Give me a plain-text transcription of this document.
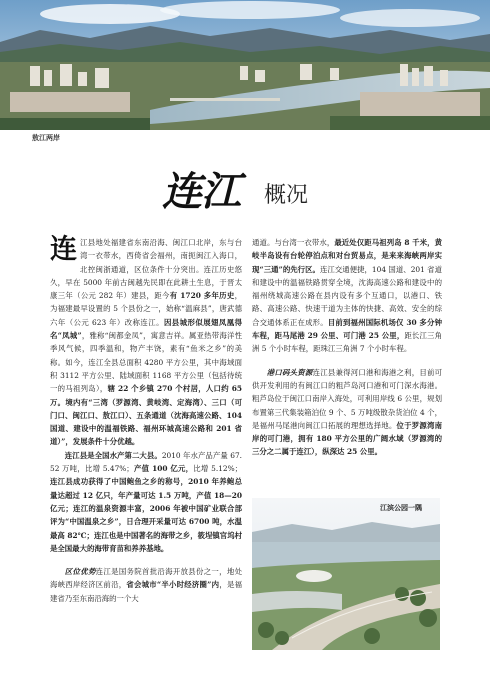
敖江两岸
连江 概况

连江县地处福建省东南沿海、闽江口北岸，东与台湾一衣带水，西倚省会福州，南扼闽江入海口，北控闽浙通道，区位条件十分突出。连江历史悠久，早在 5000 年前古闽越先民即在此耕土生息，于晋太康三年（公元 282 年）建县，距今有 1720 多年历史，为福建最早设置的 5 个县份之一，始称“温麻县”，唐武德六年（公元 623 年）改称连江。因县城形似展翅凤凰得名“凤城”，雅称“闽都金凤”，寓意吉祥。属亚热带海洋性季风气候，四季温和，物产丰饶，素有“鱼米之乡”的美称。如今，连江全县总面积 4280 平方公里，其中海域面积 3112 平方公里、陆域面积 1168 平方公里（包括待统一的马祖列岛），辖 22 个乡镇 270 个村居，人口约 65 万。境内有“三湾（罗源湾、黄岐湾、定海湾）、三口（可门口、闽江口、敖江口）、五条通道（沈海高速公路、104 国道、建设中的温福铁路、福州环城高速公路和 201 省道）”，发展条件十分优越。

连江县是全国水产第二大县。2010 年水产品产量 67.52 万吨，比增 5.47%；产值 100 亿元，比增 5.12%；连江县成功获得了中国鲍鱼之乡的称号，2010 年养鲍总量达超过 12 亿只，年产量可达 1.5 万吨，产值 18—20 亿元；连江的温泉资源丰富，2006 年被中国矿业联合部评为“中国温泉之乡”，日合理开采量可达 6700 吨，水温最高 82℃；连江也是中国著名的海带之乡，筱埕镇官坞村是全国最大的海带育苗和养养基地。

区位优势连江是国务院首批沿海开放县份之一，地处海峡西岸经济区前沿，省会城市“半小时经济圈”内，是福建省乃至东南沿海的一个大

通道。与台湾一衣带水，最近处仅距马祖列岛 8 千米，黄岐半岛设有台轮停泊点和对台贸易点，是来来海峡两岸实现“三通”的先行区。连江交通便捷，104 国道、201 省道和建设中的温福铁路贯穿全境，沈海高速公路和建设中的福州绕城高速公路在县内设有多个互通口，以港口、铁路、高速公路、快速干道为主体的快捷、高效、安全的综合交通体系正在成形。目前到福州国际机场仅 30 多分钟车程，距马尾港 29 公里、可门港 25 公里，距长江三角洲 5 个小时车程，距珠江三角洲 7 个小时车程。

港口码头资源连江县兼得河口港和海港之利，目前可供开发利用的有闽江口的粗芦岛河口港和可门深水海港。粗芦岛位于闽江口南岸入海处，可利用岸线 6 公里，规划布置第三代集装箱泊位 9 个、5 万吨级散杂货泊位 4 个，是福州马尾港向闽江口拓展的理想选择地。位于罗源湾南岸的可门港，拥有 180 平方公里的广阔水域（罗源湾的三分之二属于连江），纵深达 25 公里。

江滨公园一隅
